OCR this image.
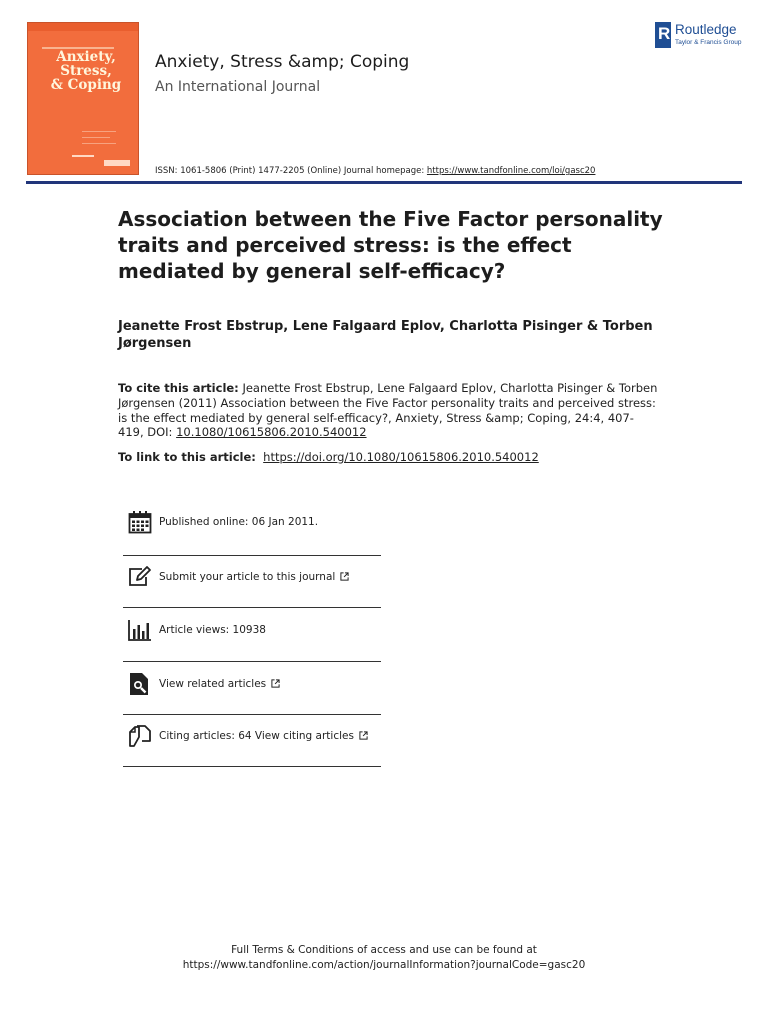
Anxiety,
Stress,
& Coping
Anxiety, Stress &amp; Coping
An International Journal
ISSN: 1061-5806 (Print) 1477-2205 (Online) Journal homepage: https://www.tandfonline.com/loi/gasc20
R Routledge
Taylor & Francis Group
Association between the Five Factor personality traits and perceived stress: is the effect mediated by general self-efficacy?
Jeanette Frost Ebstrup, Lene Falgaard Eplov, Charlotta Pisinger & Torben Jørgensen
To cite this article: Jeanette Frost Ebstrup, Lene Falgaard Eplov, Charlotta Pisinger & Torben Jørgensen (2011) Association between the Five Factor personality traits and perceived stress: is the effect mediated by general self-efficacy?, Anxiety, Stress &amp; Coping, 24:4, 407-419, DOI: 10.1080/10615806.2010.540012
To link to this article: https://doi.org/10.1080/10615806.2010.540012
Published online: 06 Jan 2011.
Submit your article to this journal
Article views: 10938
View related articles
Citing articles: 64 View citing articles
Full Terms & Conditions of access and use can be found at
https://www.tandfonline.com/action/journalInformation?journalCode=gasc20
